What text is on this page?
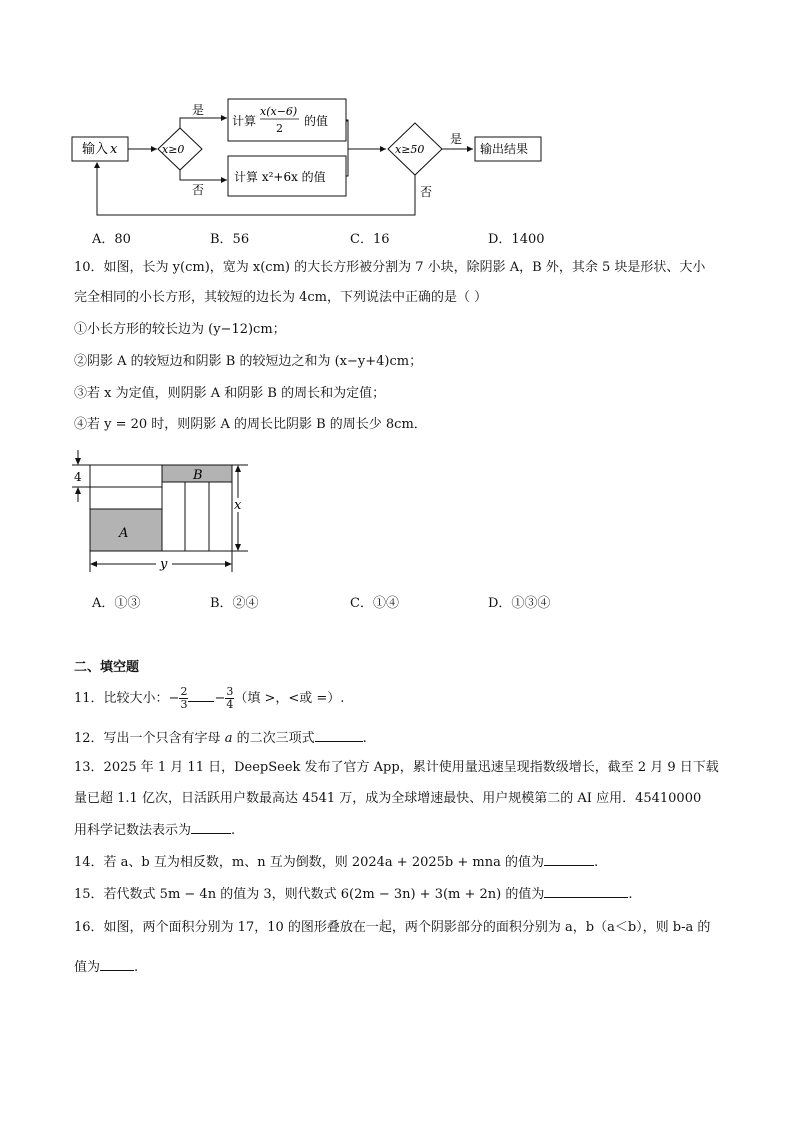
输入 x	x≥0
是
否
计算
x(x−6)
2
的值
计算 x²+6x 的值
x≥50
是
否
输出结果
A．80	B．56	C．16	D．1400
10．如图，长为 y(cm)，宽为 x(cm) 的大长方形被分割为 7 小块，除阴影 A，B 外，其余 5 块是形状、大小
完全相同的小长方形，其较短的边长为 4cm，下列说法中正确的是（ ）
①小长方形的较长边为 (y−12)cm；
②阴影 A 的较短边和阴影 B 的较短边之和为 (x−y+4)cm；
③若 x 为定值，则阴影 A 和阴影 B 的周长和为定值；
④若 y = 20 时，则阴影 A 的周长比阴影 B 的周长少 8cm．
4
A
B
x
y
A．①③	B．②④	C．①④	D．①③④
二、填空题
11．比较大小：− $\frac{2}{3} - \frac{3}{4}$ （填 >，<或 =）.
12．写出一个只含有字母 a 的二次三项式	.
13．2025 年 1 月 11 日，DeepSeek 发布了官方 App，累计使用量迅速呈现指数级增长，截至 2 月 9 日下载
量已超 1.1 亿次，日活跃用户数最高达 4541 万，成为全球增速最快、用户规模第二的 AI 应用．45410000
用科学记数法表示为	.
14．若 a、b 互为相反数，m、n 互为倒数，则 2024a + 2025b + mna 的值为	.
15．若代数式 5m − 4n 的值为 3，则代数式 6(2m − 3n) + 3(m + 2n) 的值为	.
16．如图，两个面积分别为 17，10 的图形叠放在一起，两个阴影部分的面积分别为 a，b（a＜b），则 b-a 的
值为	.
